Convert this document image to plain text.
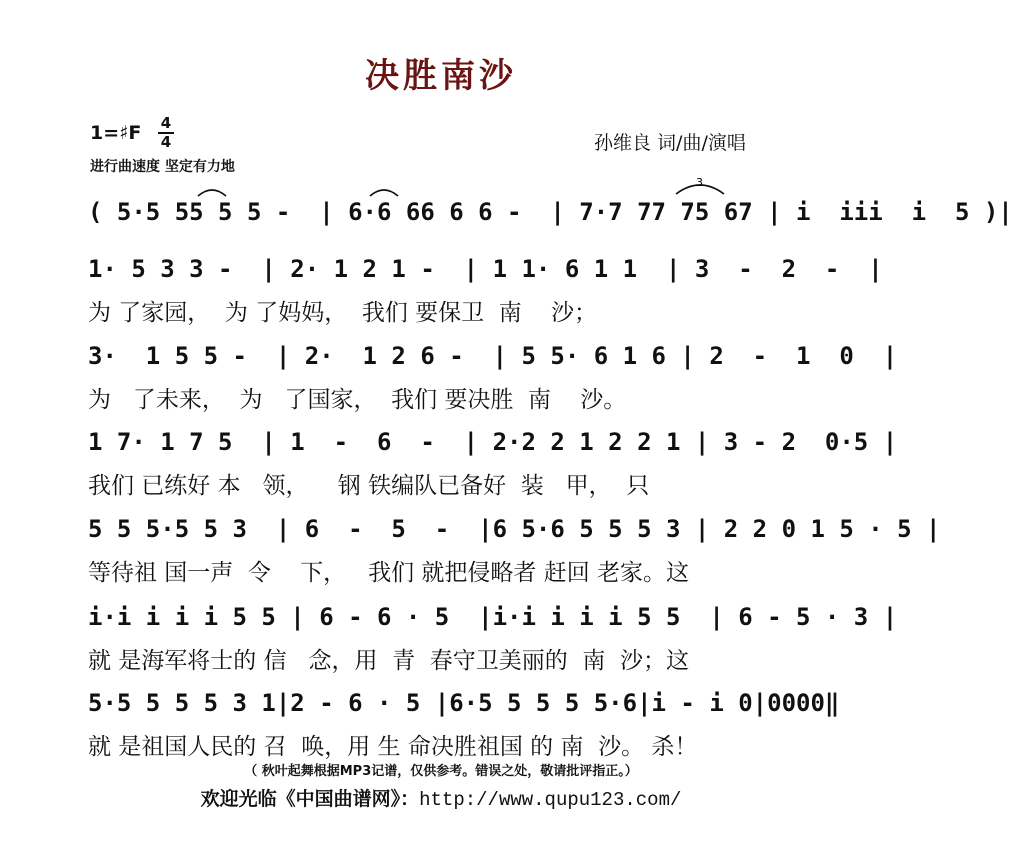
决胜南沙
1=♯F 4
4
进行曲速度 坚定有力地
孙维良 词/曲/演唱
( 5·5 55 5 5 -  | 6·6 66 6 6 -  | 7·7 77 75 67 | i  iii  i  5 )|
1· 5 3 3 -  | 2· 1 2 1 -  | 1 1· 6 1 1  | 3  -  2  -  |
为 了家园，  为 了妈妈，  我们 要保卫  南    沙；
3·  1 5 5 -  | 2·  1 2 6 -  | 5 5· 6 1 6 | 2  -  1  0  |
为   了未来，  为   了国家，  我们 要决胜  南    沙。
1 7· 1 7 5  | 1  -  6  -  | 2·2 2 1 2 2 1 | 3 - 2  0·5 |
我们 已练好 本   领，    钢 铁编队已备好  装   甲，  只
5 5 5·5 5 3  | 6  -  5  -  |6 5·6 5 5 5 3 | 2 2 0 1 5 · 5 |
等待祖 国一声  令    下，   我们 就把侵略者 赶回 老家。这
i·i i i i 5 5 | 6 - 6 · 5  |i·i i i i 5 5  | 6 - 5 · 3 |
就 是海军将士的 信   念，用  青  春守卫美丽的  南  沙；这
5·5 5 5 5 3 1|2 - 6 · 5 |6·5 5 5 5 5·6|i - i 0|0000‖
就 是祖国人民的 召  唤，用 生 命决胜祖国 的 南  沙。 杀！
（ 秋叶起舞根据MP3记谱，仅供参考。错误之处，敬请批评指正。）
欢迎光临《中国曲谱网》：http://www.qupu123.com/
3
